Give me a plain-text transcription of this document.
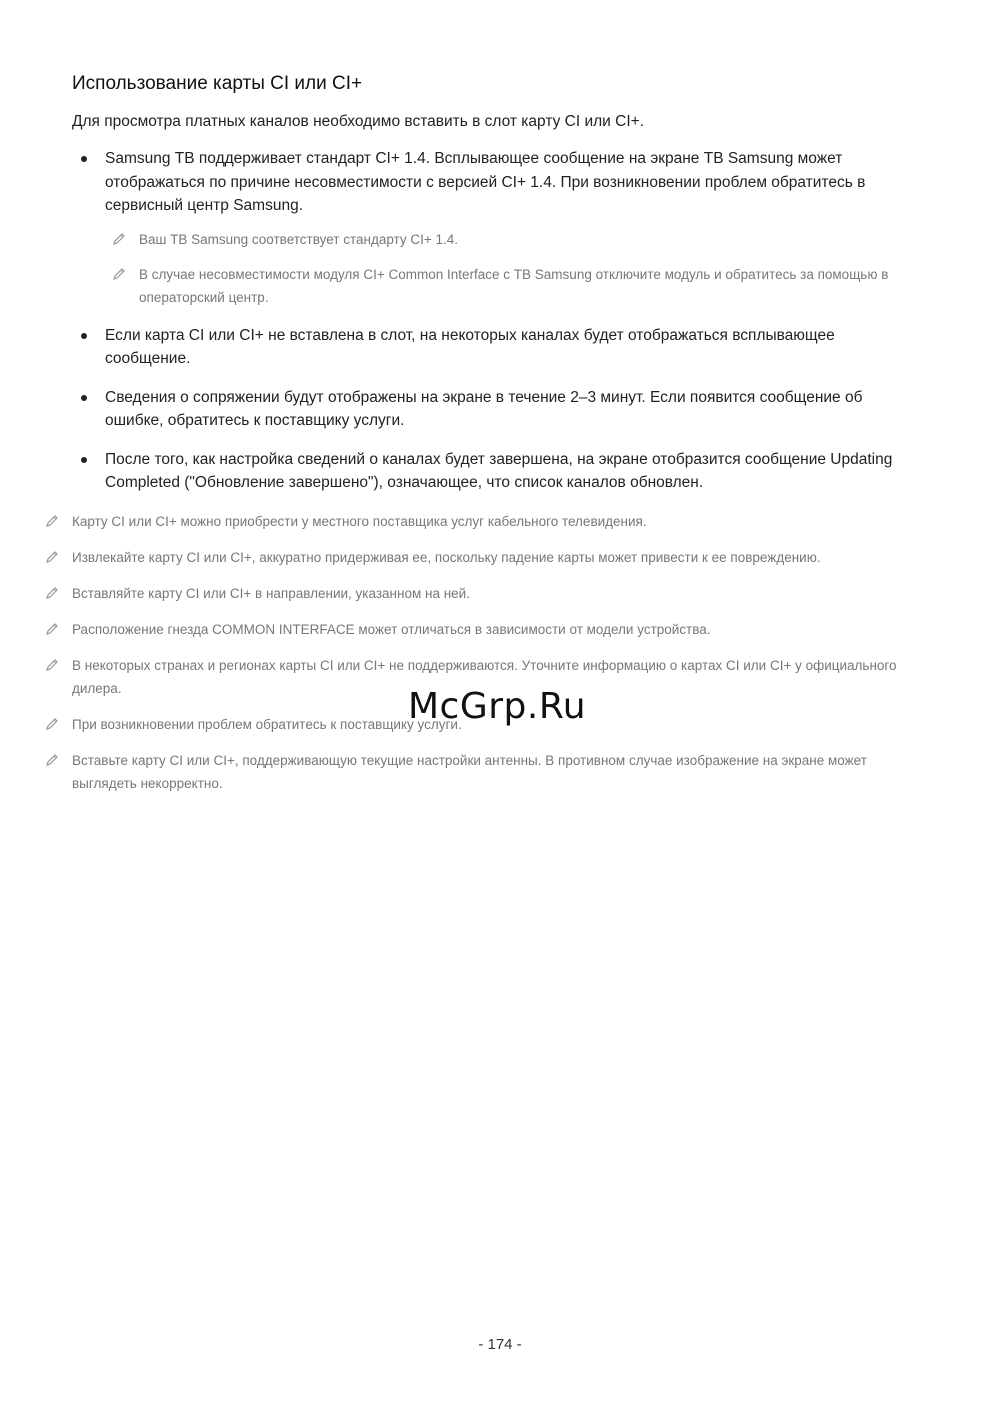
Использование карты CI или CI+

Для просмотра платных каналов необходимо вставить в слот карту CI или CI+.

Samsung ТВ поддерживает стандарт CI+ 1.4. Всплывающее сообщение на экране ТВ Samsung может отображаться по причине несовместимости с версией CI+ 1.4. При возникновении проблем обратитесь в сервисный центр Samsung.
Ваш ТВ Samsung соответствует стандарту CI+ 1.4.
В случае несовместимости модуля CI+ Common Interface с ТВ Samsung отключите модуль и обратитесь за помощью в операторский центр.
Если карта CI или CI+ не вставлена в слот, на некоторых каналах будет отображаться всплывающее сообщение.
Сведения о сопряжении будут отображены на экране в течение 2–3 минут. Если появится сообщение об ошибке, обратитесь к поставщику услуги.
После того, как настройка сведений о каналах будет завершена, на экране отобразится сообщение Updating Completed ("Обновление завершено"), означающее, что список каналов обновлен.
Карту CI или CI+ можно приобрести у местного поставщика услуг кабельного телевидения.
Извлекайте карту CI или CI+, аккуратно придерживая ее, поскольку падение карты может привести к ее повреждению.
Вставляйте карту CI или CI+ в направлении, указанном на ней.
Расположение гнезда COMMON INTERFACE может отличаться в зависимости от модели устройства.
В некоторых странах и регионах карты CI или CI+ не поддерживаются. Уточните информацию о картах CI или CI+ у официального дилера.
При возникновении проблем обратитесь к поставщику услуги.
Вставьте карту CI или CI+, поддерживающую текущие настройки антенны. В противном случае изображение на экране может выглядеть некорректно.
McGrp.Ru
- 174 -
